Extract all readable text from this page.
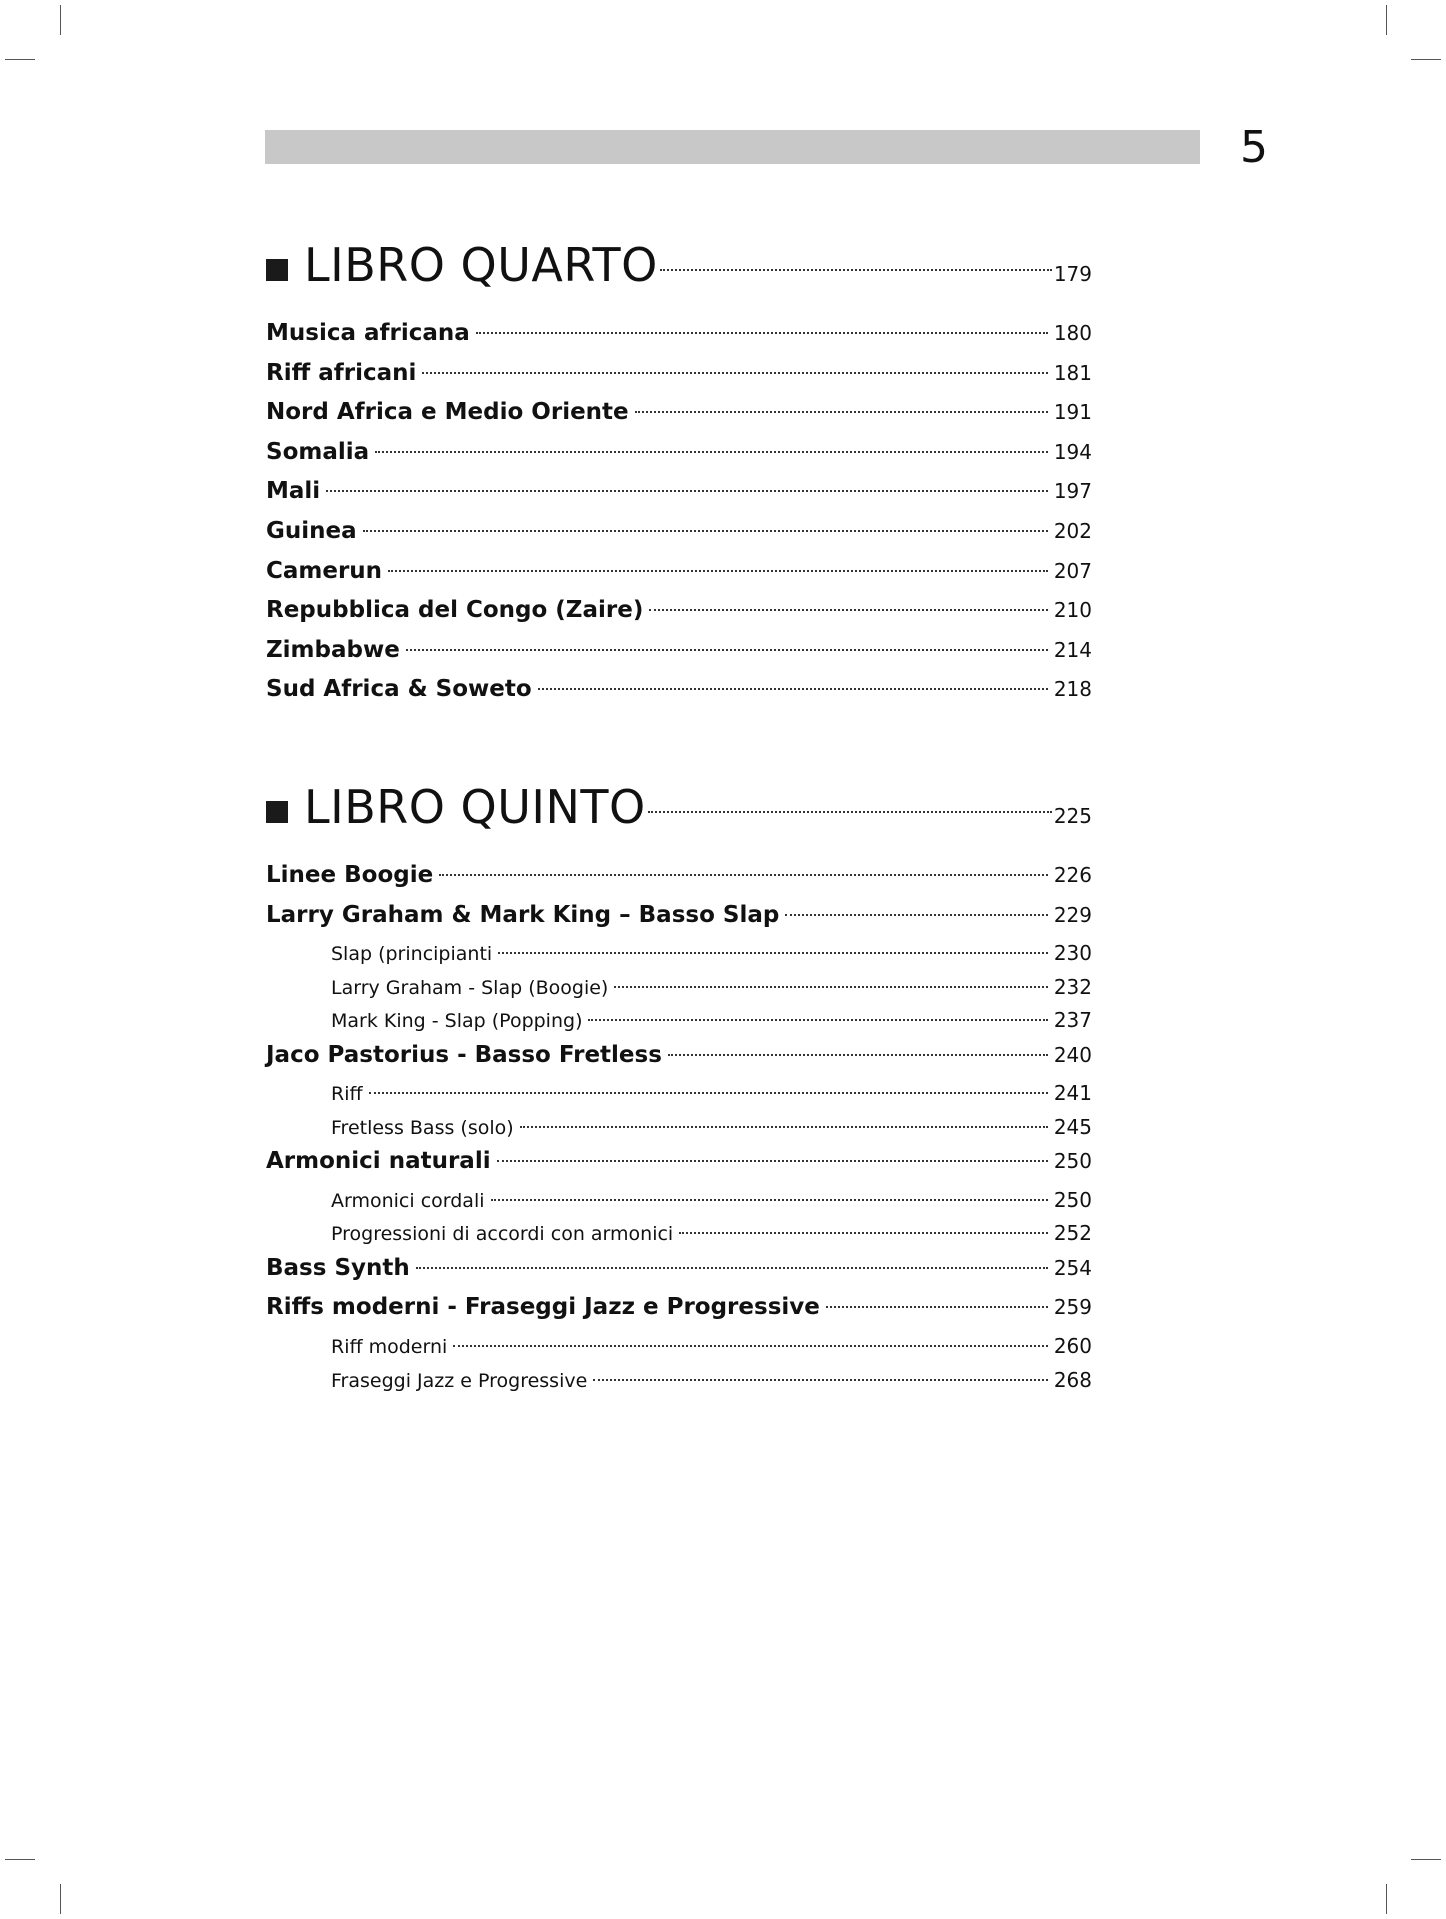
5
LIBRO QUARTO	179
Musica africana	180
Riff africani	181
Nord Africa e Medio Oriente	191
Somalia	194
Mali	197
Guinea	202
Camerun	207
Repubblica del Congo (Zaire)	210
Zimbabwe	214
Sud Africa & Soweto	218
LIBRO QUINTO	225
Linee Boogie	226
Larry Graham & Mark King – Basso Slap	229
Slap (principianti	230
Larry Graham - Slap (Boogie)	232
Mark King - Slap (Popping)	237
Jaco Pastorius - Basso Fretless	240
Riff	241
Fretless Bass (solo)	245
Armonici naturali	250
Armonici cordali	250
Progressioni di accordi con armonici	252
Bass Synth	254
Riffs moderni - Fraseggi Jazz e Progressive	259
Riff moderni	260
Fraseggi Jazz e Progressive	268
